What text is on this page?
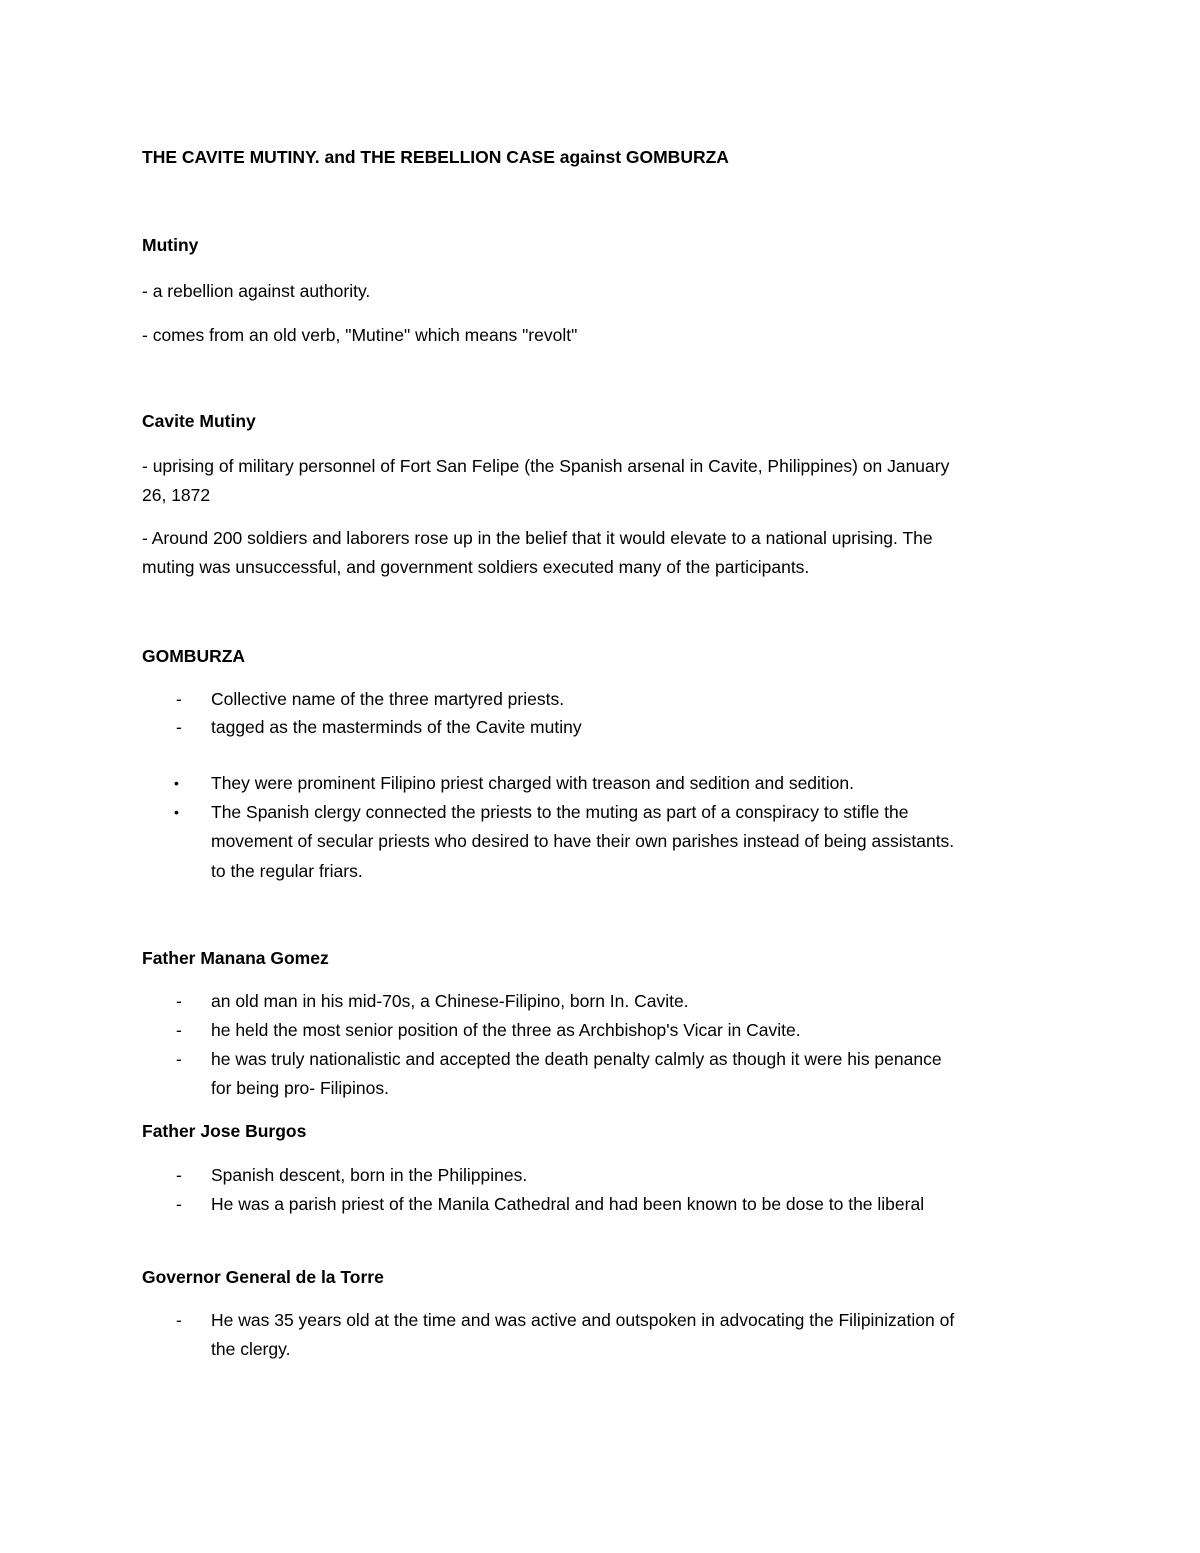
THE CAVITE MUTINY. and THE REBELLION CASE against GOMBURZA
Mutiny
- a rebellion against authority.
- comes from an old verb, "Mutine" which means "revolt"
Cavite Mutiny
- uprising of military personnel of Fort San Felipe (the Spanish arsenal in Cavite, Philippines) on January
26, 1872
- Around 200 soldiers and laborers rose up in the belief that it would elevate to a national uprising. The
muting was unsuccessful, and government soldiers executed many of the participants.
GOMBURZA
- Collective name of the three martyred priests.
- tagged as the masterminds of the Cavite mutiny
• They were prominent Filipino priest charged with treason and sedition and sedition.
• The Spanish clergy connected the priests to the muting as part of a conspiracy to stifle the
movement of secular priests who desired to have their own parishes instead of being assistants.
to the regular friars.
Father Manana Gomez
- an old man in his mid-70s, a Chinese-Filipino, born In. Cavite.
- he held the most senior position of the three as Archbishop's Vicar in Cavite.
- he was truly nationalistic and accepted the death penalty calmly as though it were his penance
for being pro- Filipinos.
Father Jose Burgos
- Spanish descent, born in the Philippines.
- He was a parish priest of the Manila Cathedral and had been known to be dose to the liberal
Governor General de la Torre
- He was 35 years old at the time and was active and outspoken in advocating the Filipinization of
the clergy.
